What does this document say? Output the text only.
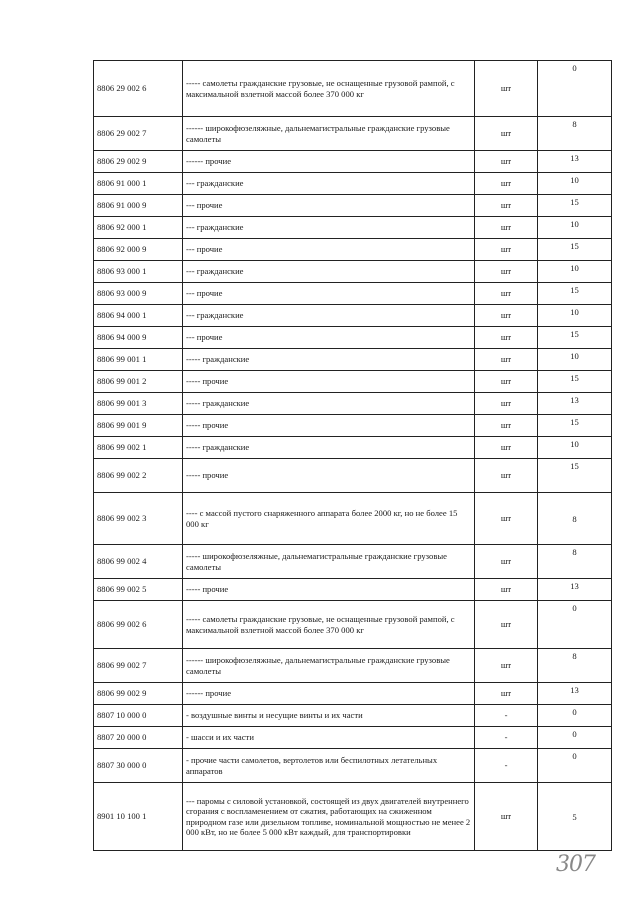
8806 29 002 6	----- самолеты гражданские грузовые, не оснащенные грузовой рампой, с максимальной взлетной массой более 370 000 кг	шт	0
8806 29 002 7	------ широкофюзеляжные, дальнемагистральные гражданские грузовые самолеты	шт	8
8806 29 002 9	------ прочие	шт	13
8806 91 000 1	--- гражданские	шт	10
8806 91 000 9	--- прочие	шт	15
8806 92 000 1	--- гражданские	шт	10
8806 92 000 9	--- прочие	шт	15
8806 93 000 1	--- гражданские	шт	10
8806 93 000 9	--- прочие	шт	15
8806 94 000 1	--- гражданские	шт	10
8806 94 000 9	--- прочие	шт	15
8806 99 001 1	----- гражданские	шт	10
8806 99 001 2	----- прочие	шт	15
8806 99 001 3	----- гражданские	шт	13
8806 99 001 9	----- прочие	шт	15
8806 99 002 1	----- гражданские	шт	10
8806 99 002 2	----- прочие	шт	15
8806 99 002 3	---- с массой пустого снаряженного аппарата более 2000 кг, но не более 15 000 кг	шт	8
8806 99 002 4	----- широкофюзеляжные, дальнемагистральные гражданские грузовые самолеты	шт	8
8806 99 002 5	----- прочие	шт	13
8806 99 002 6	----- самолеты гражданские грузовые, не оснащенные грузовой рампой, с максимальной взлетной массой более 370 000 кг	шт	0
8806 99 002 7	------ широкофюзеляжные, дальнемагистральные гражданские грузовые самолеты	шт	8
8806 99 002 9	------ прочие	шт	13
8807 10 000 0	- воздушные винты и несущие винты и их части	-	0
8807 20 000 0	- шасси и их части	-	0
8807 30 000 0	- прочие части самолетов, вертолетов или беспилотных летательных аппаратов	-	0
8901 10 100 1	--- паромы с силовой установкой, состоящей из двух двигателей внутреннего сгорания с воспламенением от сжатия, работающих на сжиженном природном газе или дизельном топливе, номинальной мощностью не менее 2 000 кВт, но не более 5 000 кВт каждый, для транспортировки	шт	5
307
